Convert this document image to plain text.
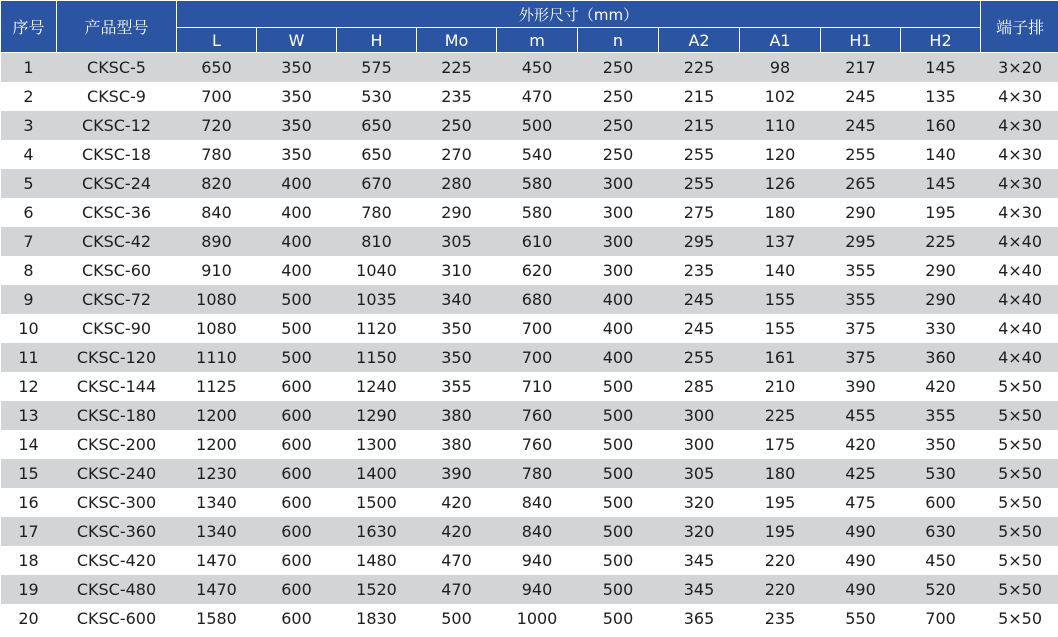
序号	产品型号	外形尺寸（mm）										端子排
		L	W	H	Mo	m	n	A2	A1	H1	H2	
1	CKSC-5	650	350	575	225	450	250	225	98	217	145	3×20
2	CKSC-9	700	350	530	235	470	250	215	102	245	135	4×30
3	CKSC-12	720	350	650	250	500	250	215	110	245	160	4×30
4	CKSC-18	780	350	650	270	540	250	255	120	255	140	4×30
5	CKSC-24	820	400	670	280	580	300	255	126	265	145	4×30
6	CKSC-36	840	400	780	290	580	300	275	180	290	195	4×30
7	CKSC-42	890	400	810	305	610	300	295	137	295	225	4×40
8	CKSC-60	910	400	1040	310	620	300	235	140	355	290	4×40
9	CKSC-72	1080	500	1035	340	680	400	245	155	355	290	4×40
10	CKSC-90	1080	500	1120	350	700	400	245	155	375	330	4×40
11	CKSC-120	1110	500	1150	350	700	400	255	161	375	360	4×40
12	CKSC-144	1125	600	1240	355	710	500	285	210	390	420	5×50
13	CKSC-180	1200	600	1290	380	760	500	300	225	455	355	5×50
14	CKSC-200	1200	600	1300	380	760	500	300	175	420	350	5×50
15	CKSC-240	1230	600	1400	390	780	500	305	180	425	530	5×50
16	CKSC-300	1340	600	1500	420	840	500	320	195	475	600	5×50
17	CKSC-360	1340	600	1630	420	840	500	320	195	490	630	5×50
18	CKSC-420	1470	600	1480	470	940	500	345	220	490	450	5×50
19	CKSC-480	1470	600	1520	470	940	500	345	220	490	520	5×50
20	CKSC-600	1580	600	1830	500	1000	500	365	235	550	700	5×50
